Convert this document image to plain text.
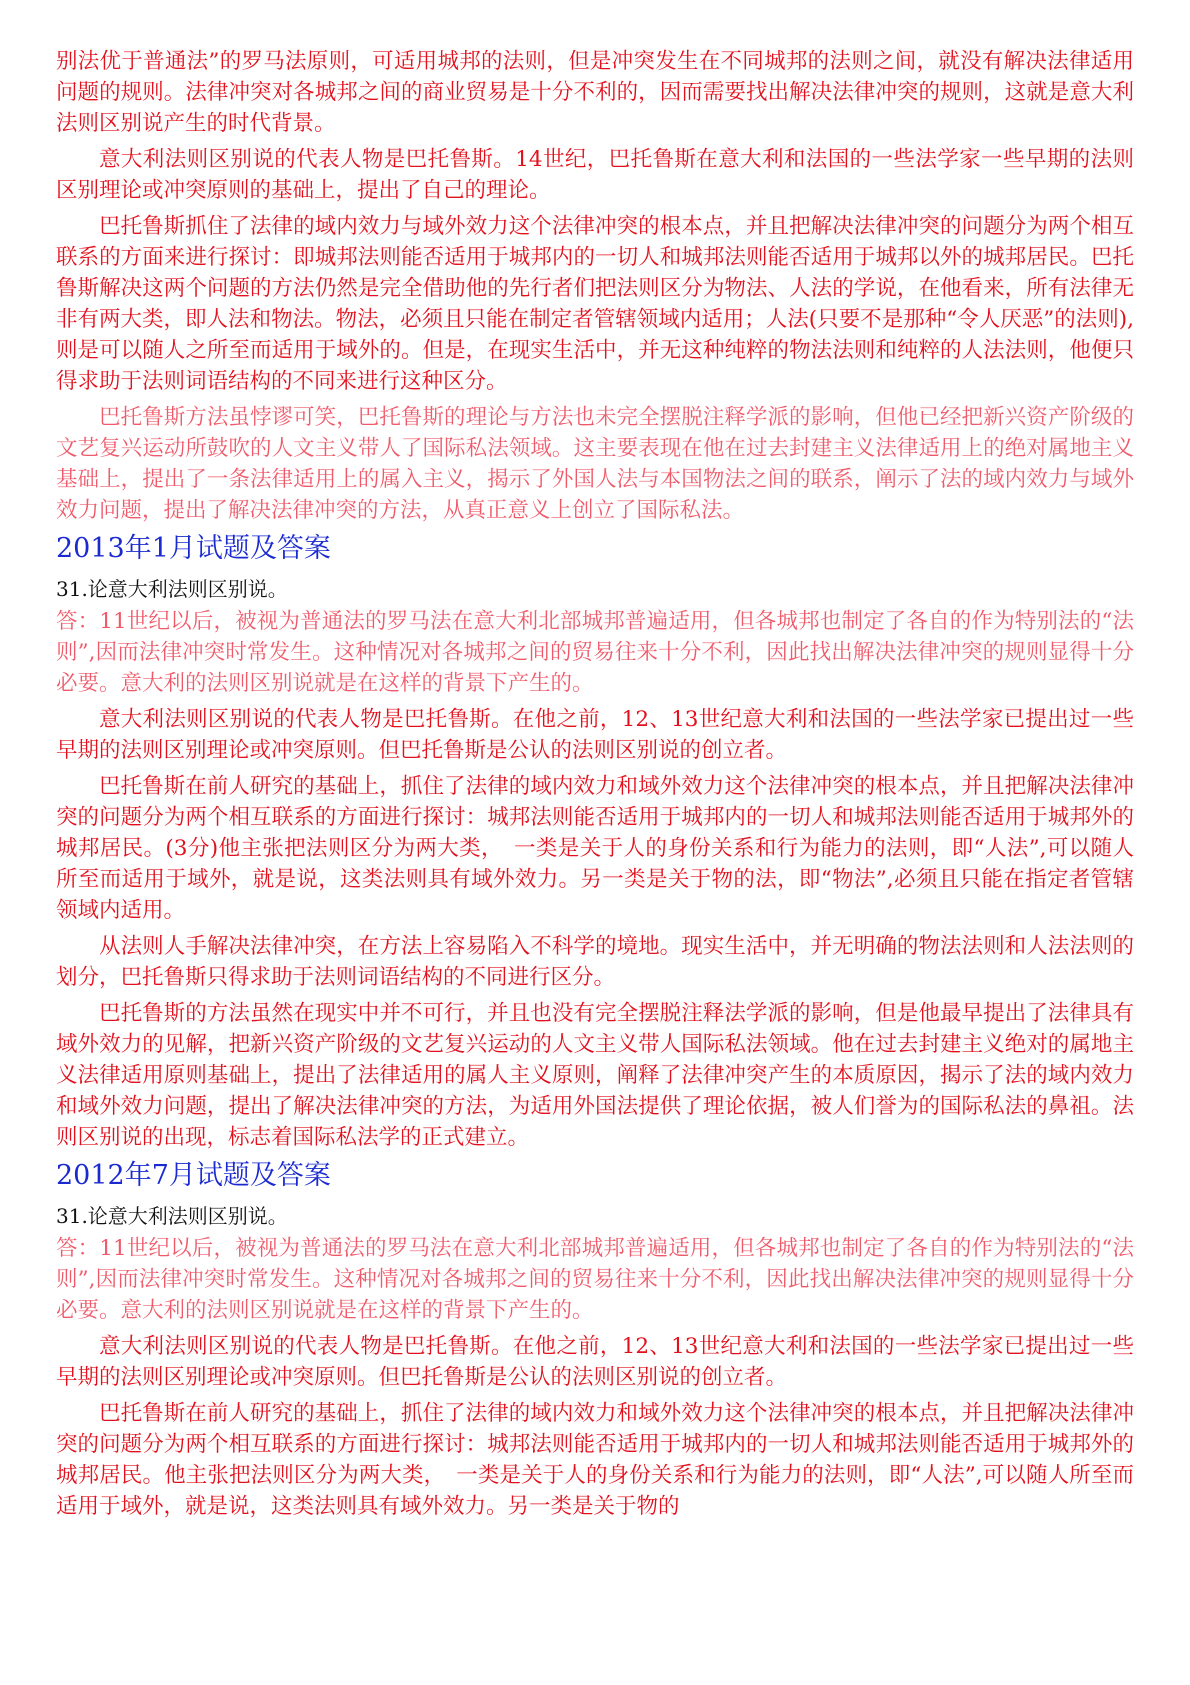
别法优于普通法”的罗马法原则，可适用城邦的法则，但是冲突发生在不同城邦的法则之间，就没有解决法律适用问题的规则。法律冲突对各城邦之间的商业贸易是十分不利的，因而需要找出解决法律冲突的规则，这就是意大利法则区别说产生的时代背景。

意大利法则区别说的代表人物是巴托鲁斯。14世纪，巴托鲁斯在意大利和法国的一些法学家一些早期的法则区别理论或冲突原则的基础上，提出了自己的理论。

巴托鲁斯抓住了法律的域内效力与域外效力这个法律冲突的根本点，并且把解决法律冲突的问题分为两个相互联系的方面来进行探讨：即城邦法则能否适用于城邦内的一切人和城邦法则能否适用于城邦以外的城邦居民。巴托鲁斯解决这两个问题的方法仍然是完全借助他的先行者们把法则区分为物法、人法的学说，在他看来，所有法律无非有两大类，即人法和物法。物法，必须且只能在制定者管辖领域内适用；人法(只要不是那种“令人厌恶”的法则),则是可以随人之所至而适用于域外的。但是，在现实生活中，并无这种纯粹的物法法则和纯粹的人法法则，他便只得求助于法则词语结构的不同来进行这种区分。

巴托鲁斯方法虽悖谬可笑，巴托鲁斯的理论与方法也未完全摆脱注释学派的影响，但他已经把新兴资产阶级的文艺复兴运动所鼓吹的人文主义带人了国际私法领域。这主要表现在他在过去封建主义法律适用上的绝对属地主义基础上，提出了一条法律适用上的属入主义，揭示了外国人法与本国物法之间的联系，阐示了法的域内效力与域外效力问题，提出了解决法律冲突的方法，从真正意义上创立了国际私法。

2013年1月试题及答案

31.论意大利法则区别说。

答：11世纪以后，被视为普通法的罗马法在意大利北部城邦普遍适用，但各城邦也制定了各自的作为特别法的“法则”,因而法律冲突时常发生。这种情况对各城邦之间的贸易往来十分不利，因此找出解决法律冲突的规则显得十分必要。意大利的法则区别说就是在这样的背景下产生的。

意大利法则区别说的代表人物是巴托鲁斯。在他之前，12、13世纪意大利和法国的一些法学家已提出过一些早期的法则区别理论或冲突原则。但巴托鲁斯是公认的法则区别说的创立者。

巴托鲁斯在前人研究的基础上，抓住了法律的域内效力和域外效力这个法律冲突的根本点，并且把解决法律冲突的问题分为两个相互联系的方面进行探讨：城邦法则能否适用于城邦内的一切人和城邦法则能否适用于城邦外的城邦居民。(3分)他主张把法则区分为两大类，　一类是关于人的身份关系和行为能力的法则，即“人法”,可以随人所至而适用于域外，就是说，这类法则具有域外效力。另一类是关于物的法，即“物法”,必须且只能在指定者管辖领域内适用。

从法则人手解决法律冲突，在方法上容易陷入不科学的境地。现实生活中，并无明确的物法法则和人法法则的划分，巴托鲁斯只得求助于法则词语结构的不同进行区分。

巴托鲁斯的方法虽然在现实中并不可行，并且也没有完全摆脱注释法学派的影响，但是他最早提出了法律具有域外效力的见解，把新兴资产阶级的文艺复兴运动的人文主义带人国际私法领域。他在过去封建主义绝对的属地主义法律适用原则基础上，提出了法律适用的属人主义原则，阐释了法律冲突产生的本质原因，揭示了法的域内效力和域外效力问题，提出了解决法律冲突的方法，为适用外国法提供了理论依据，被人们誉为的国际私法的鼻祖。法则区别说的出现，标志着国际私法学的正式建立。

2012年7月试题及答案

31.论意大利法则区别说。

答：11世纪以后，被视为普通法的罗马法在意大利北部城邦普遍适用，但各城邦也制定了各自的作为特别法的“法则”,因而法律冲突时常发生。这种情况对各城邦之间的贸易往来十分不利，因此找出解决法律冲突的规则显得十分必要。意大利的法则区别说就是在这样的背景下产生的。

意大利法则区别说的代表人物是巴托鲁斯。在他之前，12、13世纪意大利和法国的一些法学家已提出过一些早期的法则区别理论或冲突原则。但巴托鲁斯是公认的法则区别说的创立者。

巴托鲁斯在前人研究的基础上，抓住了法律的域内效力和域外效力这个法律冲突的根本点，并且把解决法律冲突的问题分为两个相互联系的方面进行探讨：城邦法则能否适用于城邦内的一切人和城邦法则能否适用于城邦外的城邦居民。他主张把法则区分为两大类，　一类是关于人的身份关系和行为能力的法则，即“人法”,可以随人所至而适用于域外，就是说，这类法则具有域外效力。另一类是关于物的
